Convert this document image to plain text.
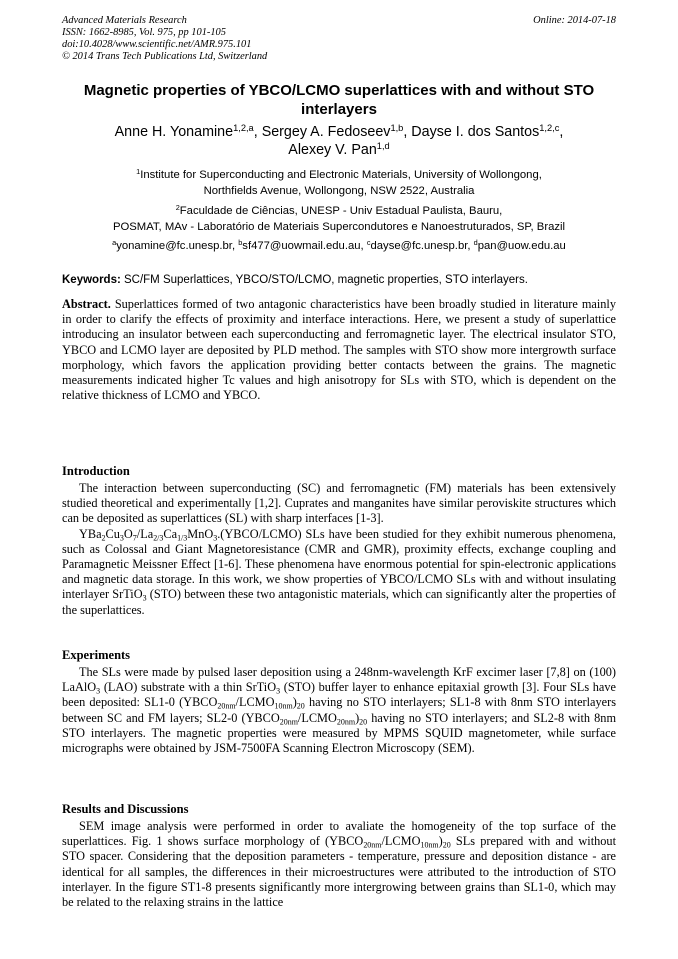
Advanced Materials Research
ISSN: 1662-8985, Vol. 975, pp 101-105
doi:10.4028/www.scientific.net/AMR.975.101
© 2014 Trans Tech Publications Ltd, Switzerland
Online: 2014-07-18
Magnetic properties of YBCO/LCMO superlattices with and without STO interlayers
Anne H. Yonamine$^{1,2,a}$, Sergey A. Fedoseev$^{1,b}$, Dayse I. dos Santos$^{1,2,c}$,
Alexey V. Pan$^{1,d}$
$^1$Institute for Superconducting and Electronic Materials, University of Wollongong,
Northfields Avenue, Wollongong, NSW 2522, Australia
$^2$Faculdade de Ciências, UNESP - Univ Estadual Paulista, Bauru,
POSMAT, MAv - Laboratório de Materiais Supercondutores e Nanoestruturados, SP, Brazil
$^a$yonamine@fc.unesp.br, $^b$sf477@uowmail.edu.au, $^c$dayse@fc.unesp.br, $^d$pan@uow.edu.au
Keywords: SC/FM Superlattices, YBCO/STO/LCMO, magnetic properties, STO interlayers.

Abstract. Superlattices formed of two antagonic characteristics have been broadly studied in literature mainly in order to clarify the effects of proximity and interface interactions. Here, we present a study of superlattice introducing an insulator between each superconducting and ferromagnetic layer. The electrical insulator STO, YBCO and LCMO layer are deposited by PLD method. The samples with STO show more intergrowth surface morphology, which favors the application providing better contacts between the grains. The magnetic measurements indicated higher Tc values and high anisotropy for SLs with STO, which is dependent on the relative thickness of LCMO and YBCO.

Introduction

The interaction between superconducting (SC) and ferromagnetic (FM) materials has been extensively studied theoretical and experimentally [1,2]. Cuprates and manganites have similar peroviskite structures which can be deposited as superlattices (SL) with sharp interfaces [1-3].

$YBa_2Cu_3O_7/La_{2/3}Ca_{1/3}MnO_3.(YBCO/LCMO)$ SLs have been studied for they exhibit numerous phenomena, such as Colossal and Giant Magnetoresistance (CMR and GMR), proximity effects, exchange coupling and Paramagnetic Meissner Effect [1-6]. These phenomena have enormous potential for spin-electronic applications and magnetic data storage. In this work, we show properties of YBCO/LCMO SLs with and without insulating interlayer SrTiO$_3$ (STO) between these two antagonistic materials, which can significantly alter the properties of the superlattices.

Experiments

The SLs were made by pulsed laser deposition using a 248nm-wavelength KrF excimer laser [7,8] on (100) LaAlO$_3$ (LAO) substrate with a thin SrTiO$_3$ (STO) buffer layer to enhance epitaxial growth [3]. Four SLs have been deposited: SL1-0 $(YBCO_{20nm}/LCMO_{10nm})_{20}$ having no STO interlayers; SL1-8 with 8nm STO interlayers between SC and FM layers; SL2-0 $(YBCO_{20nm}/LCMO_{20nm})_{20}$ having no STO interlayers; and SL2-8 with 8nm STO interlayers. The magnetic properties were measured by MPMS SQUID magnetometer, while surface micrographs were obtained by JSM-7500FA Scanning Electron Microscopy (SEM).

Results and Discussions

SEM image analysis were performed in order to avaliate the homogeneity of the top surface of the superlattices. Fig. 1 shows surface morphology of $(YBCO_{20nm}/LCMO_{10nm})_{20}$ SLs prepared with and without STO spacer. Considering that the deposition parameters - temperature, pressure and deposition distance - are identical for all samples, the differences in their microestructures were attributed to the introduction of STO interlayer. In the figure ST1-8 presents significantly more intergrowing between grains than SL1-0, which may be related to the relaxing strains in the lattice
